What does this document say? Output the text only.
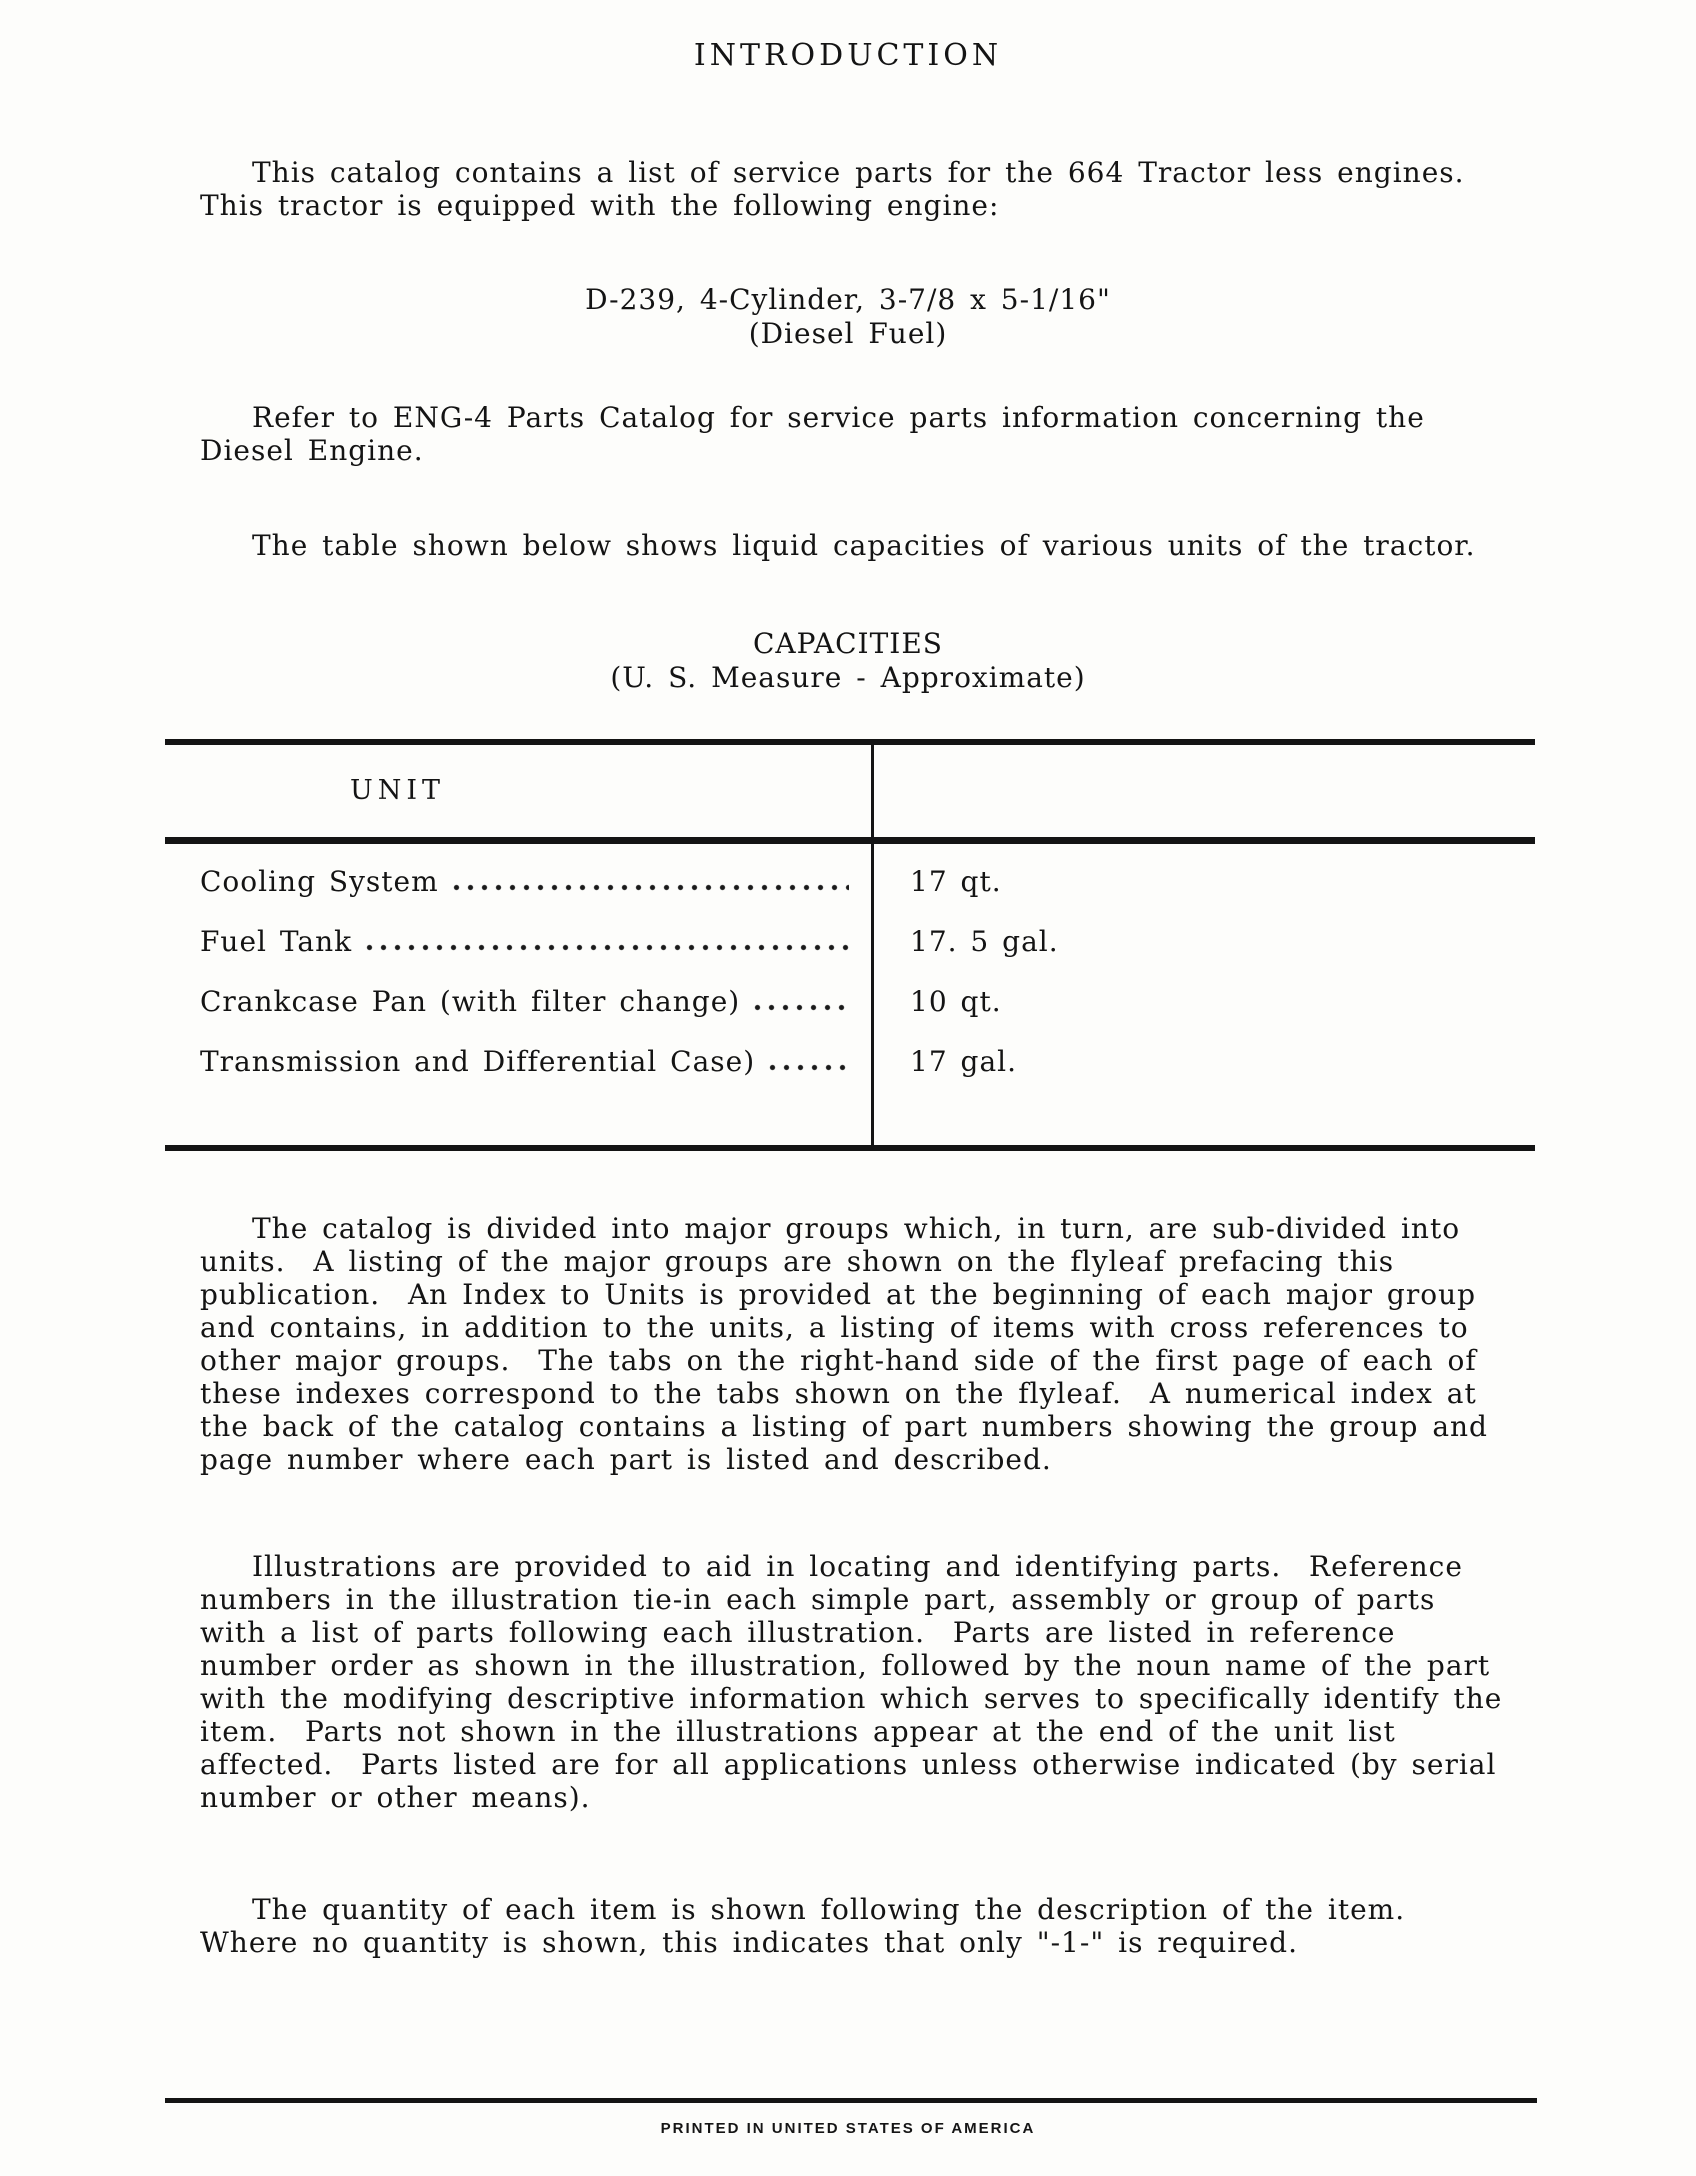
INTRODUCTION
This catalog contains a list of service parts for the 664 Tractor less engines.  This tractor is equipped with the following engine:
D-239, 4-Cylinder, 3-7/8 x 5-1/16"
(Diesel Fuel)
Refer to ENG-4 Parts Catalog for service parts information concerning the Diesel Engine.
The table shown below shows liquid capacities of various units of the tractor.
CAPACITIES
(U. S. Measure - Approximate)
UNIT
Cooling System	17 qt.
Fuel Tank	17. 5 gal.
Crankcase Pan (with filter change)	10 qt.
Transmission and Differential Case)	17 gal.
The catalog is divided into major groups which, in turn, are sub-divided into units.  A listing of the major groups are shown on the flyleaf prefacing this publication.  An Index to Units is provided at the beginning of each major group and contains, in addition to the units, a listing of items with cross references to other major groups.  The tabs on the right-hand side of the first page of each of these indexes correspond to the tabs shown on the flyleaf.  A numerical index at the back of the catalog contains a listing of part numbers showing the group and page number where each part is listed and described.
Illustrations are provided to aid in locating and identifying parts.  Reference numbers in the illustration tie-in each simple part, assembly or group of parts with a list of parts following each illustration.  Parts are listed in reference number order as shown in the illustration, followed by the noun name of the part with the modifying descriptive information which serves to specifically identify the item.  Parts not shown in the illustrations appear at the end of the unit list affected.  Parts listed are for all applications unless otherwise indicated (by serial number or other means).
The quantity of each item is shown following the description of the item.  Where no quantity is shown, this indicates that only "-1-" is required.
PRINTED IN UNITED STATES OF AMERICA
